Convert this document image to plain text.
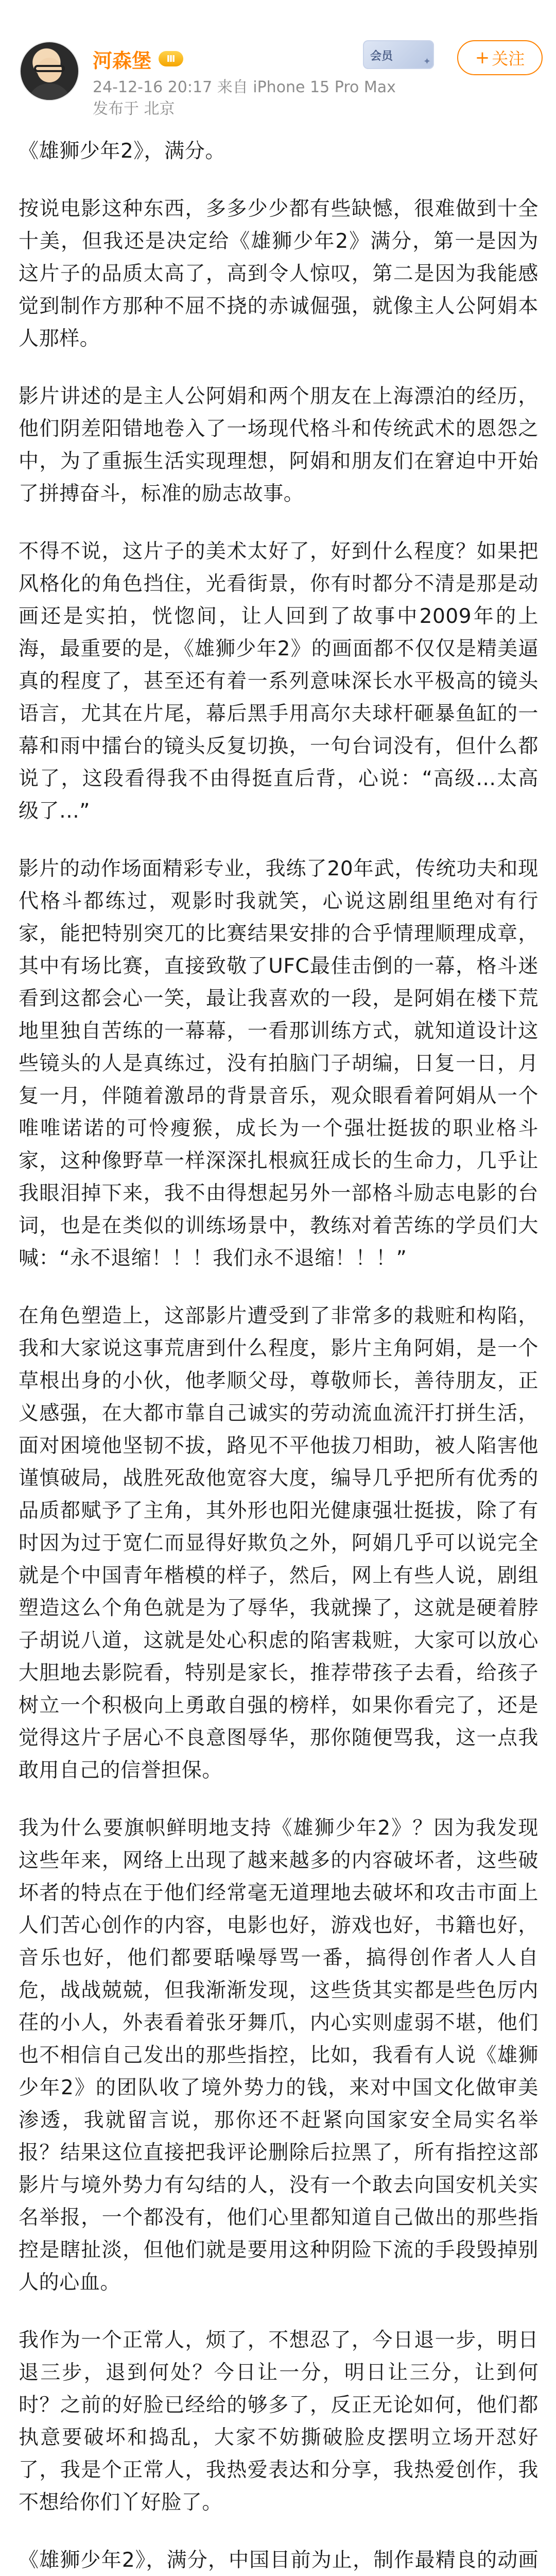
河森堡	Ⅲ
24-12-16 20:17 来自 iPhone 15 Pro Max
发布于 北京
会员	✦	+ 关注

《雄狮少年2》，满分。

按说电影这种东西，多多少少都有些缺憾，很难做到十全十美，但我还是决定给《雄狮少年2》满分，第一是因为这片子的品质太高了，高到令人惊叹，第二是因为我能感觉到制作方那种不屈不挠的赤诚倔强，就像主人公阿娟本人那样。

影片讲述的是主人公阿娟和两个朋友在上海漂泊的经历，他们阴差阳错地卷入了一场现代格斗和传统武术的恩怨之中，为了重振生活实现理想，阿娟和朋友们在窘迫中开始了拼搏奋斗，标准的励志故事。

不得不说，这片子的美术太好了，好到什么程度？如果把风格化的角色挡住，光看街景，你有时都分不清是那是动画还是实拍，恍惚间，让人回到了故事中2009年的上海，最重要的是，《雄狮少年2》的画面都不仅仅是精美逼真的程度了，甚至还有着一系列意味深长水平极高的镜头语言，尤其在片尾，幕后黑手用高尔夫球杆砸暴鱼缸的一幕和雨中擂台的镜头反复切换，一句台词没有，但什么都说了，这段看得我不由得挺直后背，心说：“高级...太高级了...”

影片的动作场面精彩专业，我练了20年武，传统功夫和现代格斗都练过，观影时我就笑，心说这剧组里绝对有行家，能把特别突兀的比赛结果安排的合乎情理顺理成章，其中有场比赛，直接致敬了UFC最佳击倒的一幕，格斗迷看到这都会心一笑，最让我喜欢的一段，是阿娟在楼下荒地里独自苦练的一幕幕，一看那训练方式，就知道设计这些镜头的人是真练过，没有拍脑门子胡编，日复一日，月复一月，伴随着激昂的背景音乐，观众眼看着阿娟从一个唯唯诺诺的可怜瘦猴，成长为一个强壮挺拔的职业格斗家，这种像野草一样深深扎根疯狂成长的生命力，几乎让我眼泪掉下来，我不由得想起另外一部格斗励志电影的台词，也是在类似的训练场景中，教练对着苦练的学员们大喊：“永不退缩！！！我们永不退缩！！！”

在角色塑造上，这部影片遭受到了非常多的栽赃和构陷，我和大家说这事荒唐到什么程度，影片主角阿娟，是一个草根出身的小伙，他孝顺父母，尊敬师长，善待朋友，正义感强，在大都市靠自己诚实的劳动流血流汗打拼生活，面对困境他坚韧不拔，路见不平他拔刀相助，被人陷害他谨慎破局，战胜死敌他宽容大度，编导几乎把所有优秀的品质都赋予了主角，其外形也阳光健康强壮挺拔，除了有时因为过于宽仁而显得好欺负之外，阿娟几乎可以说完全就是个中国青年楷模的样子，然后，网上有些人说，剧组塑造这么个角色就是为了辱华，我就操了，这就是硬着脖子胡说八道，这就是处心积虑的陷害栽赃，大家可以放心大胆地去影院看，特别是家长，推荐带孩子去看，给孩子树立一个积极向上勇敢自强的榜样，如果你看完了，还是觉得这片子居心不良意图辱华，那你随便骂我，这一点我敢用自己的信誉担保。

我为什么要旗帜鲜明地支持《雄狮少年2》？因为我发现这些年来，网络上出现了越来越多的内容破坏者，这些破坏者的特点在于他们经常毫无道理地去破坏和攻击市面上人们苦心创作的内容，电影也好，游戏也好，书籍也好，音乐也好，他们都要聒噪辱骂一番，搞得创作者人人自危，战战兢兢，但我渐渐发现，这些货其实都是些色厉内荏的小人，外表看着张牙舞爪，内心实则虚弱不堪，他们也不相信自己发出的那些指控，比如，我看有人说《雄狮少年2》的团队收了境外势力的钱，来对中国文化做审美渗透，我就留言说，那你还不赶紧向国家安全局实名举报？结果这位直接把我评论删除后拉黑了，所有指控这部影片与境外势力有勾结的人，没有一个敢去向国安机关实名举报，一个都没有，他们心里都知道自己做出的那些指控是瞎扯淡，但他们就是要用这种阴险下流的手段毁掉别人的心血。

我作为一个正常人，烦了，不想忍了，今日退一步，明日退三步，退到何处？今日让一分，明日让三分，让到何时？之前的好脸已经给的够多了，反正无论如何，他们都执意要破坏和捣乱，大家不妨撕破脸皮摆明立场开怼好了，我是个正常人，我热爱表达和分享，我热爱创作，我不想给你们丫好脸了。

《雄狮少年2》，满分，中国目前为止，制作最精良的动画
